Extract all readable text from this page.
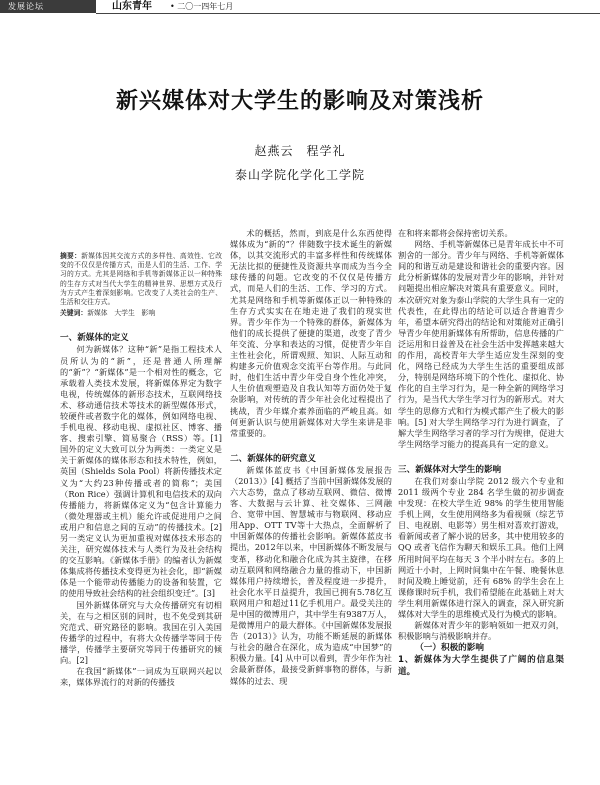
发展论坛	山东青年 • 二〇一四年七月
新兴媒体对大学生的影响及对策浅析
赵燕云　程学礼
泰山学院化学化工学院
摘要：新媒体因其交流方式的多样性、高效性、它改变的不仅仅是传播方式，而是人们的生活、工作、学习的方式。尤其是网络和手机等新媒体正以一种特殊的生存方式对当代大学生的精神世界、思想方式及行为方式产生着深刻影响。它改变了人类社会的生产、生活和交往方式。
关键词：新媒体　大学生　影响
一、新媒体的定义

何为新媒体？这种“新”是指工程技术人员所认为的“新”，还是普通人所理解的“新”？“新媒体”是一个相对性的概念，它承载着人类技术发展，将新媒体界定为数字电视，传统媒体的新形态技术，互联网络技术、移动通信技术等技术的新型媒体形式，较硬件或者数字化的媒体，例如网络电视、手机电视、移动电视、虚拟社区、博客、播客、搜索引擎、简易聚合（RSS）等。[1] 国外的定义大致可以分为两类：一类定义是关于新媒体的媒体形态和技术特性，例如，英国（Shields Sola Pool）将新传播技术定义为“大约23种传播或者的简称”；美国（Ron Rice）强调计算机和电信技术的双向传播能力，将新媒体定义为“包含计算能力（微处理器或主机）能允许或促进用户之间或用户和信息之间的互动”的传播技术。[2] 另一类定义认为更加重视对媒体技术形态的关注，研究媒体技术与人类行为及社会结构的交互影响。《新媒体手册》的编者认为新媒体集成将传播技术变得更为社会化，即“新媒体是一个能带动传播能力的设备和装置，它的使用导致社会结构的社会组织变迁”。[3]

国外新媒体研究与大众传播研究有切相关，在与之相区别的同时，也不免受到其研究范式、研究路径的影响。我国在引入美国传播学的过程中，有将大众传播学等同于传播学，传播学主要研究等同于传播研究的倾向。[2]

在我国“新媒体”一词成为互联网兴起以来，媒体界流行的对新的传播技

术的概括，然而，到底是什么东西使得媒体成为“新的”？伴随数字技术诞生的新媒体，以其交流形式的丰富多样性和传统媒体无法比拟的便捷性及资源共享而成为当今全球传播的问题。它改变的不仅仅是传播方式，而是人们的生活、工作、学习的方式。尤其是网络和手机等新媒体正以一种特殊的生存方式实实在在地走进了我们的现实世界。青少年作为一个特殊的群体，新媒体为他们的成长提供了便捷的渠道，改变了青少年交流、分享和表达的习惯，促使青少年自主性社会化，所谓观照、知识、人际互动和构建多元价值观念交流平台等作用。与此同时，他们生活中青少年受自身个性化冲突，人生价值观塑造及自我认知等方面仍处于复杂影响，对传统的青少年社会化过程提出了挑战，青少年媒介素养面临的严峻且高。如何更新认识与使用新媒体对大学生来讲是非常重要的。

二、新媒体的研究意义

新媒体蓝皮书《中国新媒体发展报告（2013）》[4] 概括了当前中国新媒体发展的六大态势，盘点了移动互联网、微信、微博客、大数据与云计算、社交媒体、三网融合、宽带中国、智慧城市与物联网、移动应用App、OTT TV等十大热点，全面解析了中国新媒体的传播社会影响。新媒体蓝皮书提出，2012年以来，中国新媒体不断发展与变革，移动化和融合化成为其主旋律，在移动互联网和网络融合力量的推动下，中国新媒体用户持续增长，普及程度进一步提升，社会化水平日益提升，我国已拥有5.78亿互联网用户和超过11亿手机用户。最受关注的是中国的微博用户，其中学生有9387万人，是微博用户的最大群体。《中国新媒体发展报告（2013）》认为，功能不断延展的新媒体与社会的融合在深化，成为造成“中国梦”的积极力量。[4] 从中可以看到，青少年作为社会最新群体，最接受新鲜事物的群体，与新媒体的过去、现

在和将来都将会保持密切关系。

网络、手机等新媒体已是青年成长中不可割舍的一部分。青少年与网络、手机等新媒体间的和谐互动是建设和谐社会的重要内容。因此分析新媒体的发展对青少年的影响，并针对问题提出相应解决对策具有重要意义。同时，本次研究对象为泰山学院的大学生具有一定的代表性，在此得出的结论可以适合普遍青少年，希望本研究得出的结论和对策能对正确引导青少年使用新媒体有所帮助，信息传播的广泛运用和日益普及在社会生活中发挥越来越大的作用，高校青年大学生适应发生深刻的变化，网络已经成为大学生生活的重要组成部分，特别是网络环境下的个性化、虚拟化、协作化的自主学习行为，是一种全新的网络学习行为，是当代大学生学习行为的新形式。对大学生的思修方式和行为模式都产生了极大的影响。[5] 对大学生网络学习行为进行调查，了解大学生网络学习者的学习行为规律，促进大学生网络学习能力的提高具有一定的意义。

三、新媒体对大学生的影响

在我们对泰山学院 2012 级六个专业和 2011 级两个专业 284 名学生做的初步调查中发现：在校大学生近 98% 的学生使用智能手机上网，女生使用网络多为看视频（综艺节目、电视剧、电影等）男生相对喜欢打游戏，看新闻或者了解小说的居多，其中使用较多的 QQ 或者飞信作为聊天和娱乐工具。他们上网所用时间平均在每天 3 个半小时左右。多的上网近十小时，上网时间集中在午餐、晚餐休息时间及晚上睡觉前，还有 68% 的学生会在上课修课时玩手机，我们希望能在此基础上对大学生利用新媒体进行深入的调查，深入研究新媒体对大学生的思维模式及行为模式的影响。

新媒体对青少年的影响领如一把双刃剑，积极影响与消极影响并存。

（一）积极的影响
1、新媒体为大学生提供了广阔的信息渠道。
